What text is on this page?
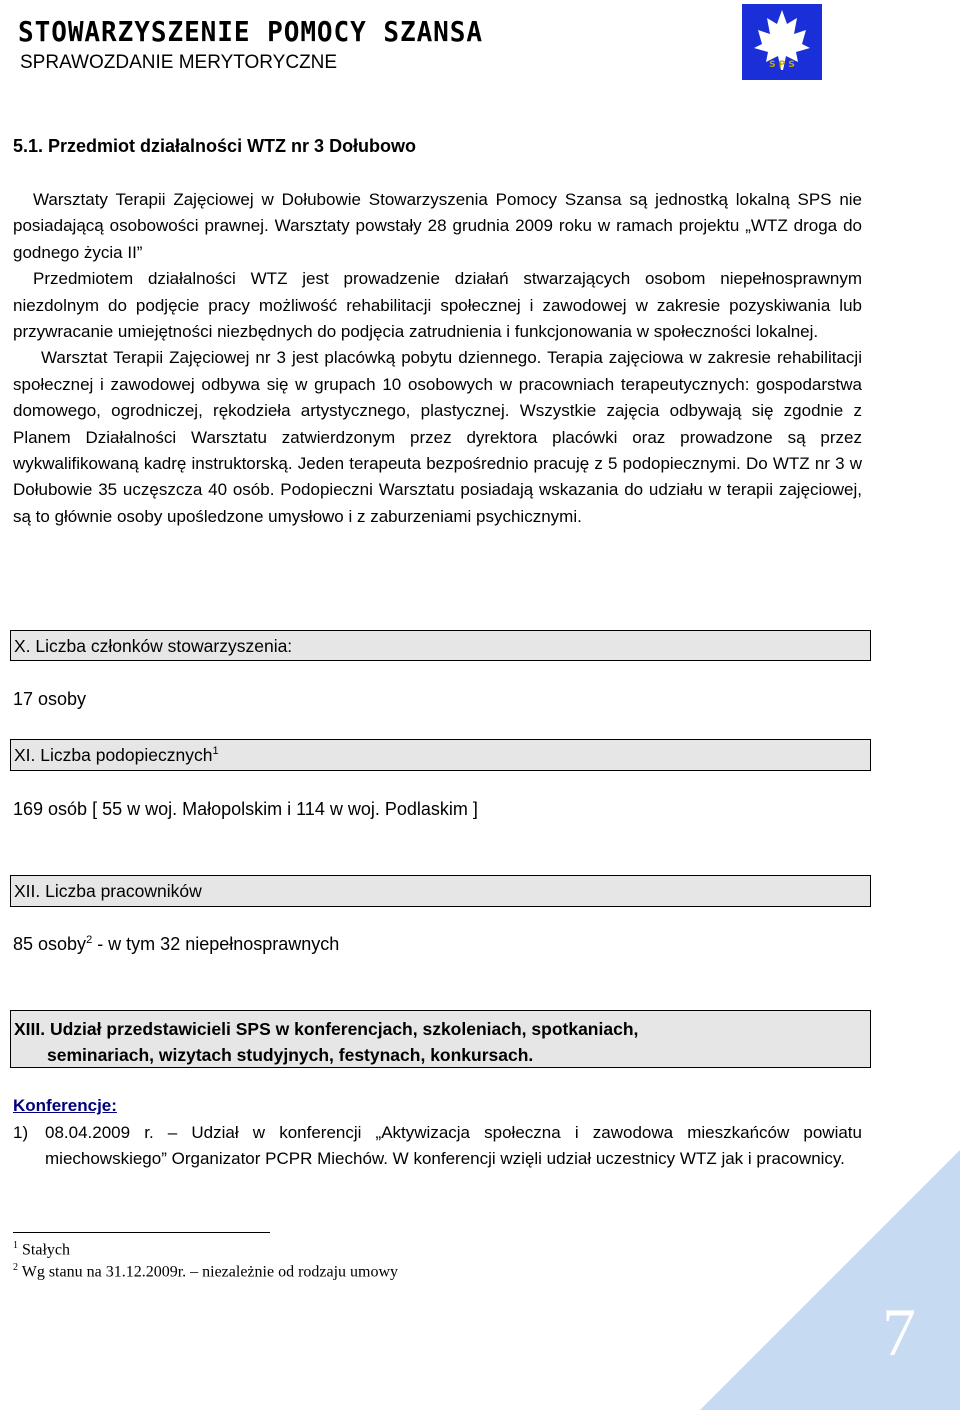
STOWARZYSZENIE POMOCY SZANSA
SPRAWOZDANIE MERYTORYCZNE	S P S
5.1. Przedmiot działalności WTZ nr 3 Dołubowo

Warsztaty Terapii Zajęciowej w Dołubowie Stowarzyszenia Pomocy Szansa są jednostką lokalną SPS nie posiadającą osobowości prawnej. Warsztaty powstały 28 grudnia 2009 roku w ramach projektu „WTZ droga do godnego życia II”

Przedmiotem działalności WTZ jest prowadzenie działań stwarzających osobom niepełnosprawnym niezdolnym do podjęcie pracy możliwość rehabilitacji społecznej i zawodowej w zakresie pozyskiwania lub przywracanie umiejętności niezbędnych do podjęcia zatrudnienia i funkcjonowania w społeczności lokalnej.

Warsztat Terapii Zajęciowej nr 3 jest placówką pobytu dziennego. Terapia zajęciowa w zakresie rehabilitacji społecznej i zawodowej odbywa się w grupach 10 osobowych w pracowniach terapeutycznych: gospodarstwa domowego, ogrodniczej, rękodzieła artystycznego, plastycznej. Wszystkie zajęcia odbywają się zgodnie z Planem Działalności Warsztatu zatwierdzonym przez dyrektora placówki oraz prowadzone są przez wykwalifikowaną kadrę instruktorską. Jeden terapeuta bezpośrednio pracuję z 5 podopiecznymi. Do WTZ nr 3 w Dołubowie 35 uczęszcza 40 osób. Podopieczni Warsztatu posiadają wskazania do udziału w terapii zajęciowej, są to głównie osoby upośledzone umysłowo i z zaburzeniami psychicznymi.

X. Liczba członków stowarzyszenia:
17 osoby
XI. Liczba podopiecznych$^1$
169 osób [ 55 w woj. Małopolskim i 114 w woj. Podlaskim ]
XII. Liczba pracowników
85 osoby$^2$ - w tym 32 niepełnosprawnych
XIII. Udział przedstawicieli SPS w konferencjach, szkoleniach, spotkaniach,
seminariach, wizytach studyjnych, festynach, konkursach.
Konferencje:
1) 08.04.2009 r. – Udział w konferencji „Aktywizacja społeczna i zawodowa mieszkańców powiatu miechowskiego” Organizator PCPR Miechów. W konferencji wzięli udział uczestnicy WTZ jak i pracownicy.
$^1$ Stałych
$^2$ Wg stanu na 31.12.2009r. – niezależnie od rodzaju umowy
7
